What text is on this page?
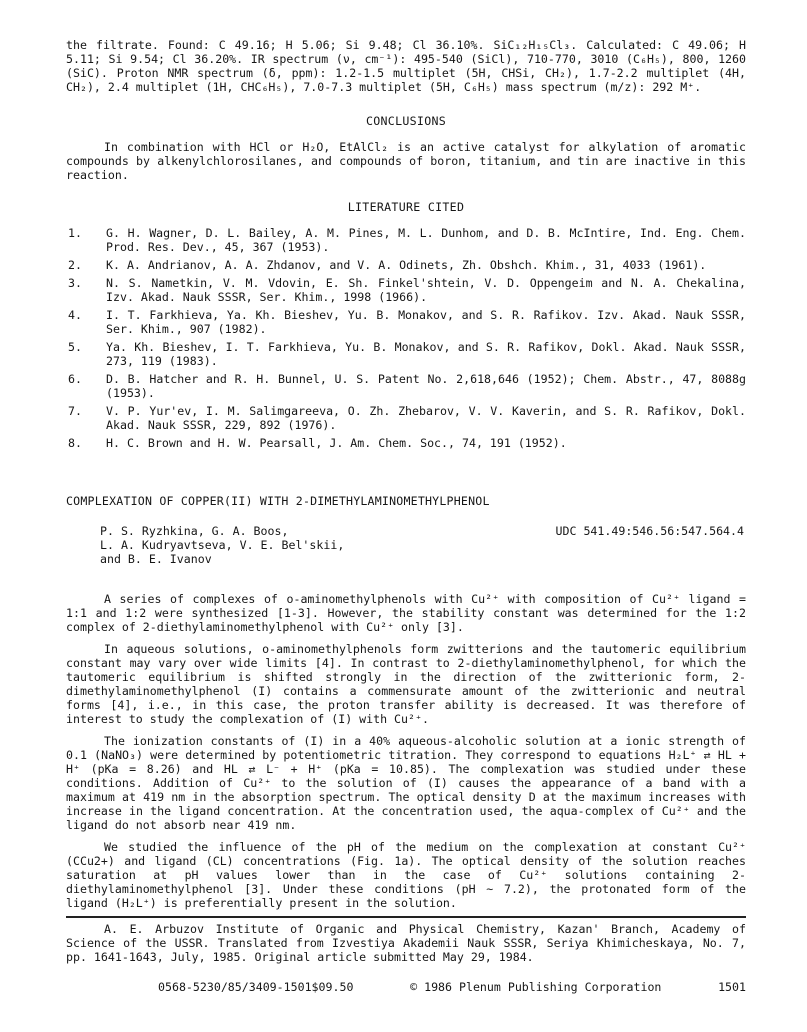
the filtrate. Found: C 49.16; H 5.06; Si 9.48; Cl 36.10%. SiC₁₂H₁₅Cl₃. Calculated: C 49.06; H 5.11; Si 9.54; Cl 36.20%. IR spectrum (ν, cm⁻¹): 495-540 (SiCl), 710-770, 3010 (C₆H₅), 800, 1260 (SiC). Proton NMR spectrum (δ, ppm): 1.2-1.5 multiplet (5H, CHSi, CH₂), 1.7-2.2 multiplet (4H, CH₂), 2.4 multiplet (1H, CHC₆H₅), 7.0-7.3 multiplet (5H, C₆H₅) mass spectrum (m/z): 292 M⁺.

CONCLUSIONS

In combination with HCl or H₂O, EtAlCl₂ is an active catalyst for alkylation of aromatic compounds by alkenylchlorosilanes, and compounds of boron, titanium, and tin are inactive in this reaction.

LITERATURE CITED

1.	G. H. Wagner, D. L. Bailey, A. M. Pines, M. L. Dunhom, and D. B. McIntire, Ind. Eng. Chem. Prod. Res. Dev., 45, 367 (1953).
2.	K. A. Andrianov, A. A. Zhdanov, and V. A. Odinets, Zh. Obshch. Khim., 31, 4033 (1961).
3.	N. S. Nametkin, V. M. Vdovin, E. Sh. Finkel'shtein, V. D. Oppengeim and N. A. Chekalina, Izv. Akad. Nauk SSSR, Ser. Khim., 1998 (1966).
4.	I. T. Farkhieva, Ya. Kh. Bieshev, Yu. B. Monakov, and S. R. Rafikov. Izv. Akad. Nauk SSSR, Ser. Khim., 907 (1982).
5.	Ya. Kh. Bieshev, I. T. Farkhieva, Yu. B. Monakov, and S. R. Rafikov, Dokl. Akad. Nauk SSSR, 273, 119 (1983).
6.	D. B. Hatcher and R. H. Bunnel, U. S. Patent No. 2,618,646 (1952); Chem. Abstr., 47, 8088g (1953).
7.	V. P. Yur'ev, I. M. Salimgareeva, O. Zh. Zhebarov, V. V. Kaverin, and S. R. Rafikov, Dokl. Akad. Nauk SSSR, 229, 892 (1976).
8.	H. C. Brown and H. W. Pearsall, J. Am. Chem. Soc., 74, 191 (1952).

COMPLEXATION OF COPPER(II) WITH 2-DIMETHYLAMINOMETHYLPHENOL

P. S. Ryzhkina, G. A. Boos,	UDC 541.49:546.56:547.564.4
L. A. Kudryavtseva, V. E. Bel'skii,
and B. E. Ivanov

A series of complexes of o-aminomethylphenols with Cu²⁺ with composition of Cu²⁺ ligand = 1:1 and 1:2 were synthesized [1-3]. However, the stability constant was determined for the 1:2 complex of 2-diethylaminomethylphenol with Cu²⁺ only [3].

In aqueous solutions, o-aminomethylphenols form zwitterions and the tautomeric equilibrium constant may vary over wide limits [4]. In contrast to 2-diethylaminomethylphenol, for which the tautomeric equilibrium is shifted strongly in the direction of the zwitterionic form, 2-dimethylaminomethylphenol (I) contains a commensurate amount of the zwitterionic and neutral forms [4], i.e., in this case, the proton transfer ability is decreased. It was therefore of interest to study the complexation of (I) with Cu²⁺.

The ionization constants of (I) in a 40% aqueous-alcoholic solution at a ionic strength of 0.1 (NaNO₃) were determined by potentiometric titration. They correspond to equations H₂L⁺ ⇄ HL + H⁺ (pKa = 8.26) and HL ⇄ L⁻ + H⁺ (pKa = 10.85). The complexation was studied under these conditions. Addition of Cu²⁺ to the solution of (I) causes the appearance of a band with a maximum at 419 nm in the absorption spectrum. The optical density D at the maximum increases with increase in the ligand concentration. At the concentration used, the aqua-complex of Cu²⁺ and the ligand do not absorb near 419 nm.

We studied the influence of the pH of the medium on the complexation at constant Cu²⁺ (CCu2+) and ligand (CL) concentrations (Fig. 1a). The optical density of the solution reaches saturation at pH values lower than in the case of Cu²⁺ solutions containing 2-diethylaminomethylphenol [3]. Under these conditions (pH ∼ 7.2), the protonated form of the ligand (H₂L⁺) is preferentially present in the solution.

A. E. Arbuzov Institute of Organic and Physical Chemistry, Kazan' Branch, Academy of Science of the USSR. Translated from Izvestiya Akademii Nauk SSSR, Seriya Khimicheskaya, No. 7, pp. 1641-1643, July, 1985. Original article submitted May 29, 1984.

0568-5230/85/3409-1501$09.50	© 1986 Plenum Publishing Corporation	1501
